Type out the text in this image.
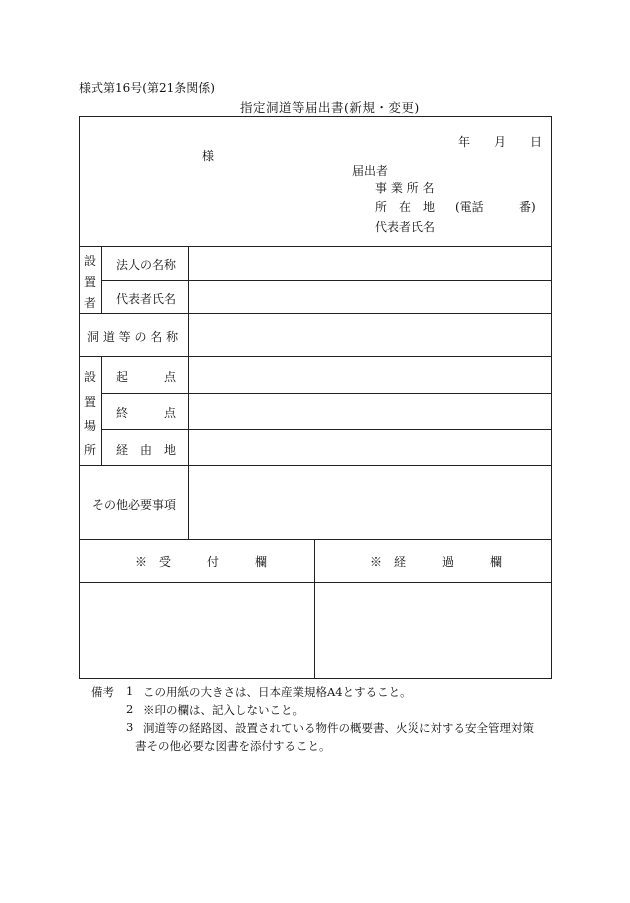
様式第16号(第21条関係)
指定洞道等届出書(新規・変更)
年 月 日
様
届出者
事 業 所 名
所　在　地 (電話	番)
代表者氏名
設
置
者
法人の名称
代表者氏名
洞 道 等 の 名 称
設
置
場
所
起　　　点
終　　　点
経　由　地
その他必要事項
※　受　　　付　　　欄	※　経　　　過　　　欄
備考 1 この用紙の大きさは、日本産業規格A4とすること。
2 ※印の欄は、記入しないこと。
3 洞道等の経路図、設置されている物件の概要書、火災に対する安全管理対策
書その他必要な図書を添付すること。
